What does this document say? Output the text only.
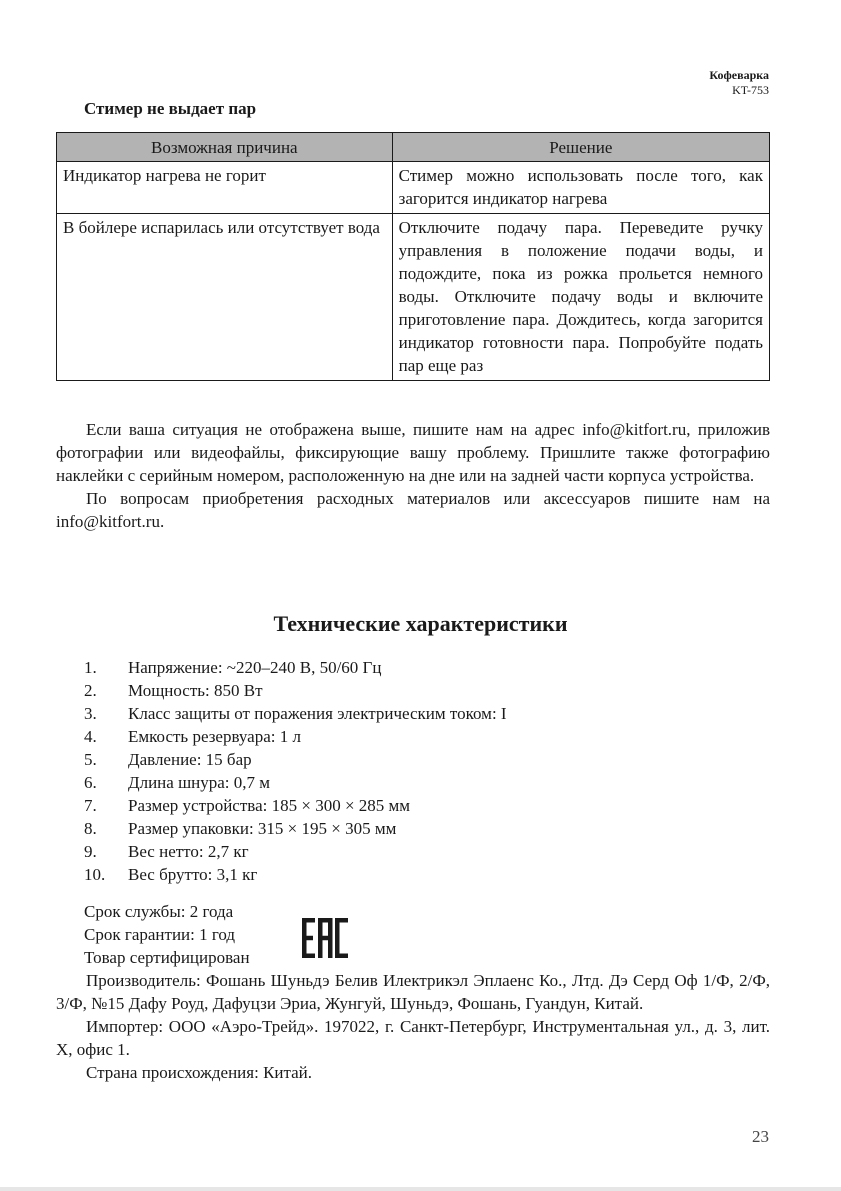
Кофеварка
KT-753
Стимер не выдает пар
Возможная причина	Решение
Индикатор нагрева не горит	Стимер можно использовать после того, как загорится индикатор нагрева
В бойлере испарилась или отсутствует вода	Отключите подачу пара. Переведите ручку управления в положение подачи воды, и подождите, пока из рожка прольется немного воды. Отключите подачу воды и включите приготовление пара. Дождитесь, когда загорится индикатор готовности пара. Попробуйте подать пар еще раз

Если ваша ситуация не отображена выше, пишите нам на адрес info@kitfort.ru, приложив фотографии или видеофайлы, фиксирующие вашу проблему. Пришлите также фотографию наклейки с серийным номером, расположенную на дне или на задней части корпуса устройства.

По вопросам приобретения расходных материалов или аксессуаров пишите нам на info@kitfort.ru.

Технические характеристики
1.	Напряжение: ~220–240 В, 50/60 Гц
2.	Мощность: 850 Вт
3.	Класс защиты от поражения электрическим током: I
4.	Емкость резервуара: 1 л
5.	Давление: 15 бар
6.	Длина шнура: 0,7 м
7.	Размер устройства: 185 × 300 × 285 мм
8.	Размер упаковки: 315 × 195 × 305 мм
9.	Вес нетто: 2,7 кг
10.	Вес брутто: 3,1 кг
Срок службы: 2 года
Срок гарантии: 1 год
Товар сертифицирован

Производитель: Фошань Шуньдэ Белив Илектрикэл Эплаенс Ко., Лтд. Дэ Серд Оф 1/Ф, 2/Ф, 3/Ф, №15 Дафу Роуд, Дафуцзи Эриа, Жунгуй, Шуньдэ, Фошань, Гуандун, Китай.

Импортер: ООО «Аэро-Трейд». 197022, г. Санкт-Петербург, Инструментальная ул., д. 3, лит. X, офис 1.

Страна происхождения: Китай.

23
